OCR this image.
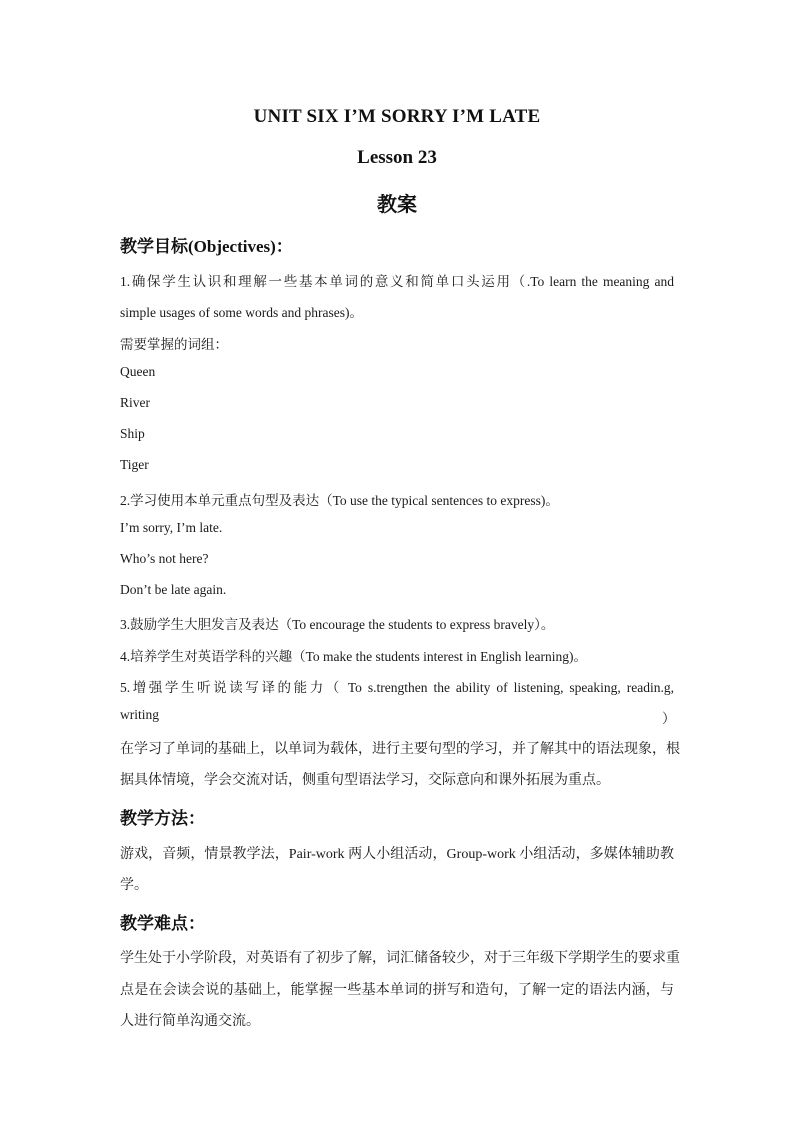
UNIT SIX I’M SORRY I’M LATE
Lesson 23
教案
教学目标(Objectives)：
1.确保学生认识和理解一些基本单词的意义和简单口头运用（.To learn the meaning and
simple usages of some words and phrases)。
需要掌握的词组：
Queen
River
Ship
Tiger
2.学习使用本单元重点句型及表达（To use the typical sentences to express)。
I’m sorry, I’m late.
Who’s not here?
Don’t be late again.
3.鼓励学生大胆发言及表达（To encourage the students to express bravely）。
4.培养学生对英语学科的兴趣（To make the students interest in English learning)。
5.增强学生听说读写译的能力（ To s.trengthen the ability of listening, speaking, readin.g,
writing	）
在学习了单词的基础上，以单词为载体，进行主要句型的学习，并了解其中的语法现象，根
据具体情境，学会交流对话，侧重句型语法学习，交际意向和课外拓展为重点。
教学方法：
游戏，音频，情景教学法，Pair-work 两人小组活动，Group-work 小组活动，多媒体辅助教
学。
教学难点：
学生处于小学阶段，对英语有了初步了解，词汇储备较少，对于三年级下学期学生的要求重
点是在会读会说的基础上，能掌握一些基本单词的拼写和造句，了解一定的语法内涵，与
人进行简单沟通交流。
